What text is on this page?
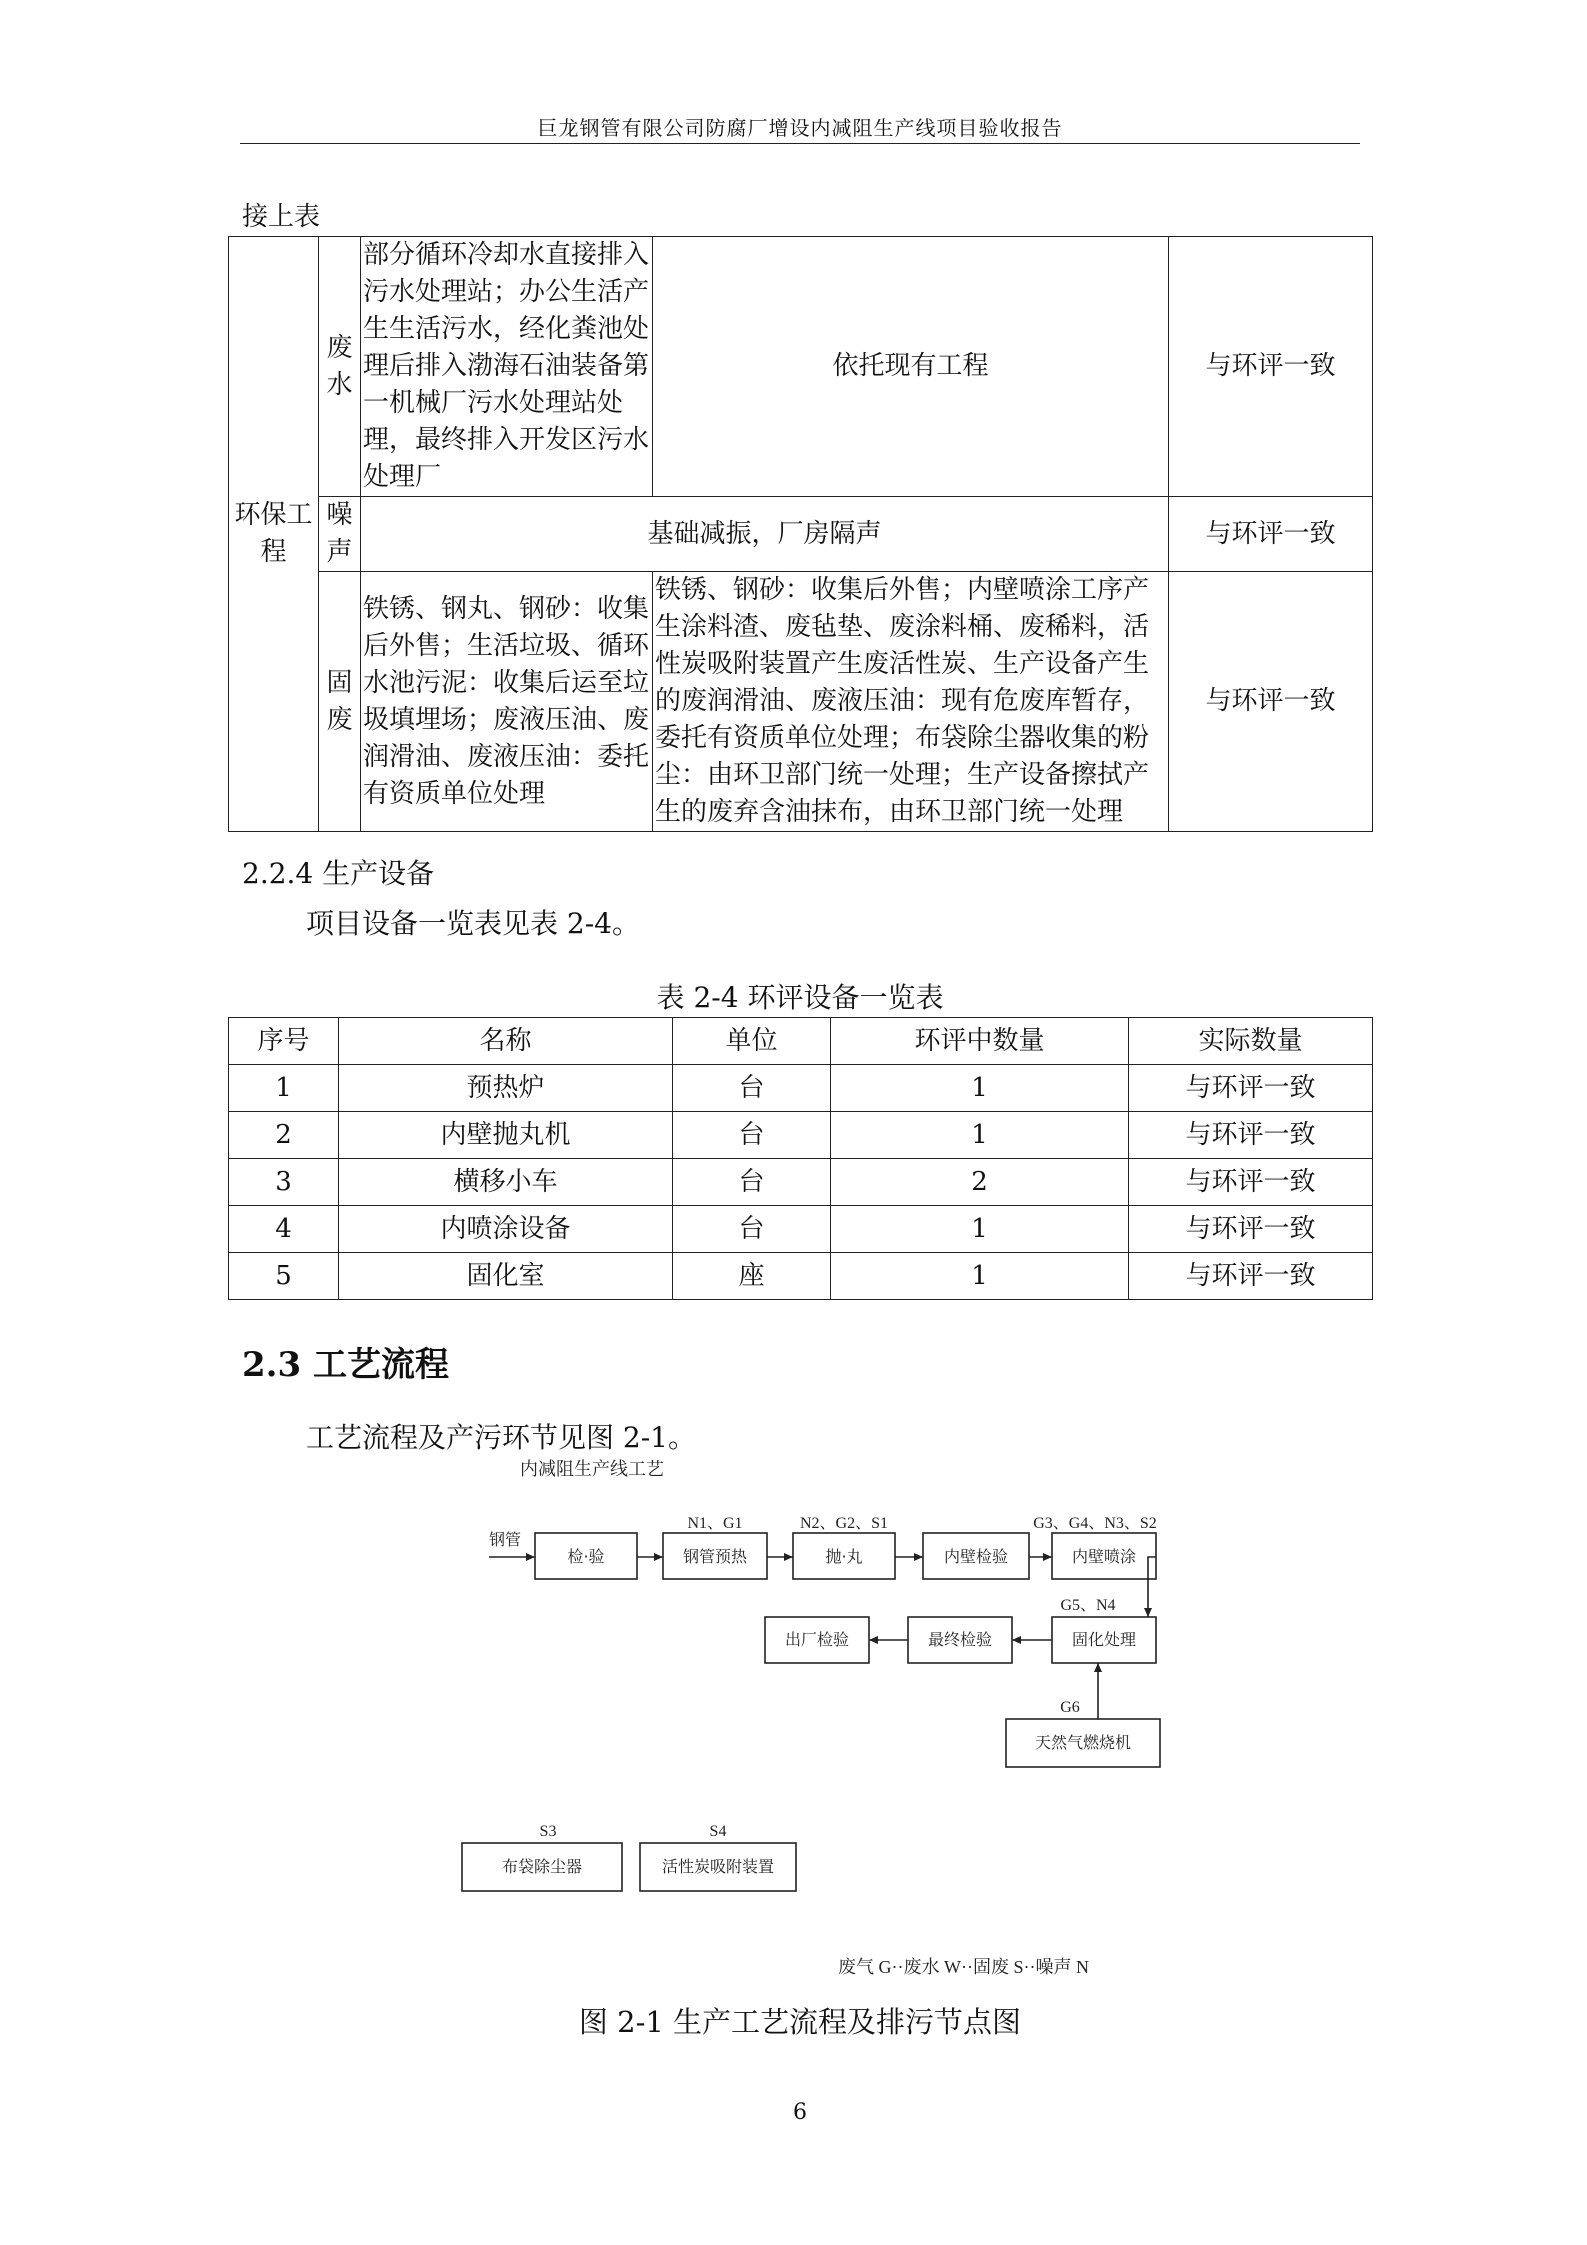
巨龙钢管有限公司防腐厂增设内减阻生产线项目验收报告
接上表
环保工程	废水	部分循环冷却水直接排入污水处理站；办公生活产生生活污水，经化粪池处理后排入渤海石油装备第一机械厂污水处理站处理，最终排入开发区污水处理厂	依托现有工程	与环评一致
	噪声	基础减振，厂房隔声		与环评一致
	固废	铁锈、钢丸、钢砂：收集后外售；生活垃圾、循环水池污泥：收集后运至垃圾填埋场；废液压油、废润滑油、废液压油：委托有资质单位处理	铁锈、钢砂：收集后外售；内壁喷涂工序产生涂料渣、废毡垫、废涂料桶、废稀料，活性炭吸附装置产生废活性炭、生产设备产生的废润滑油、废液压油：现有危废库暂存，委托有资质单位处理；布袋除尘器收集的粉尘：由环卫部门统一处理；生产设备擦拭产生的废弃含油抹布，由环卫部门统一处理	与环评一致
2.2.4 生产设备
项目设备一览表见表 2-4。
表 2-4 环评设备一览表
序号	名称	单位	环评中数量	实际数量
1	预热炉	台	1	与环评一致
2	内壁抛丸机	台	1	与环评一致
3	横移小车	台	2	与环评一致
4	内喷涂设备	台	1	与环评一致
5	固化室	座	1	与环评一致
2.3 工艺流程
工艺流程及产污环节见图 2-1。
内减阻生产线工艺
钢管
检·验	钢管预热	抛·丸	内壁检验	内壁喷涂
固化处理
最终检验
出厂检验
天然气燃烧机
布袋除尘器	活性炭吸附装置
N1、G1	N2、G2、S1	G3、G4、N3、S2
G5、N4
G6
S3	S4
废气 G··废水 W··固废 S··噪声 N
图 2-1 生产工艺流程及排污节点图
6
